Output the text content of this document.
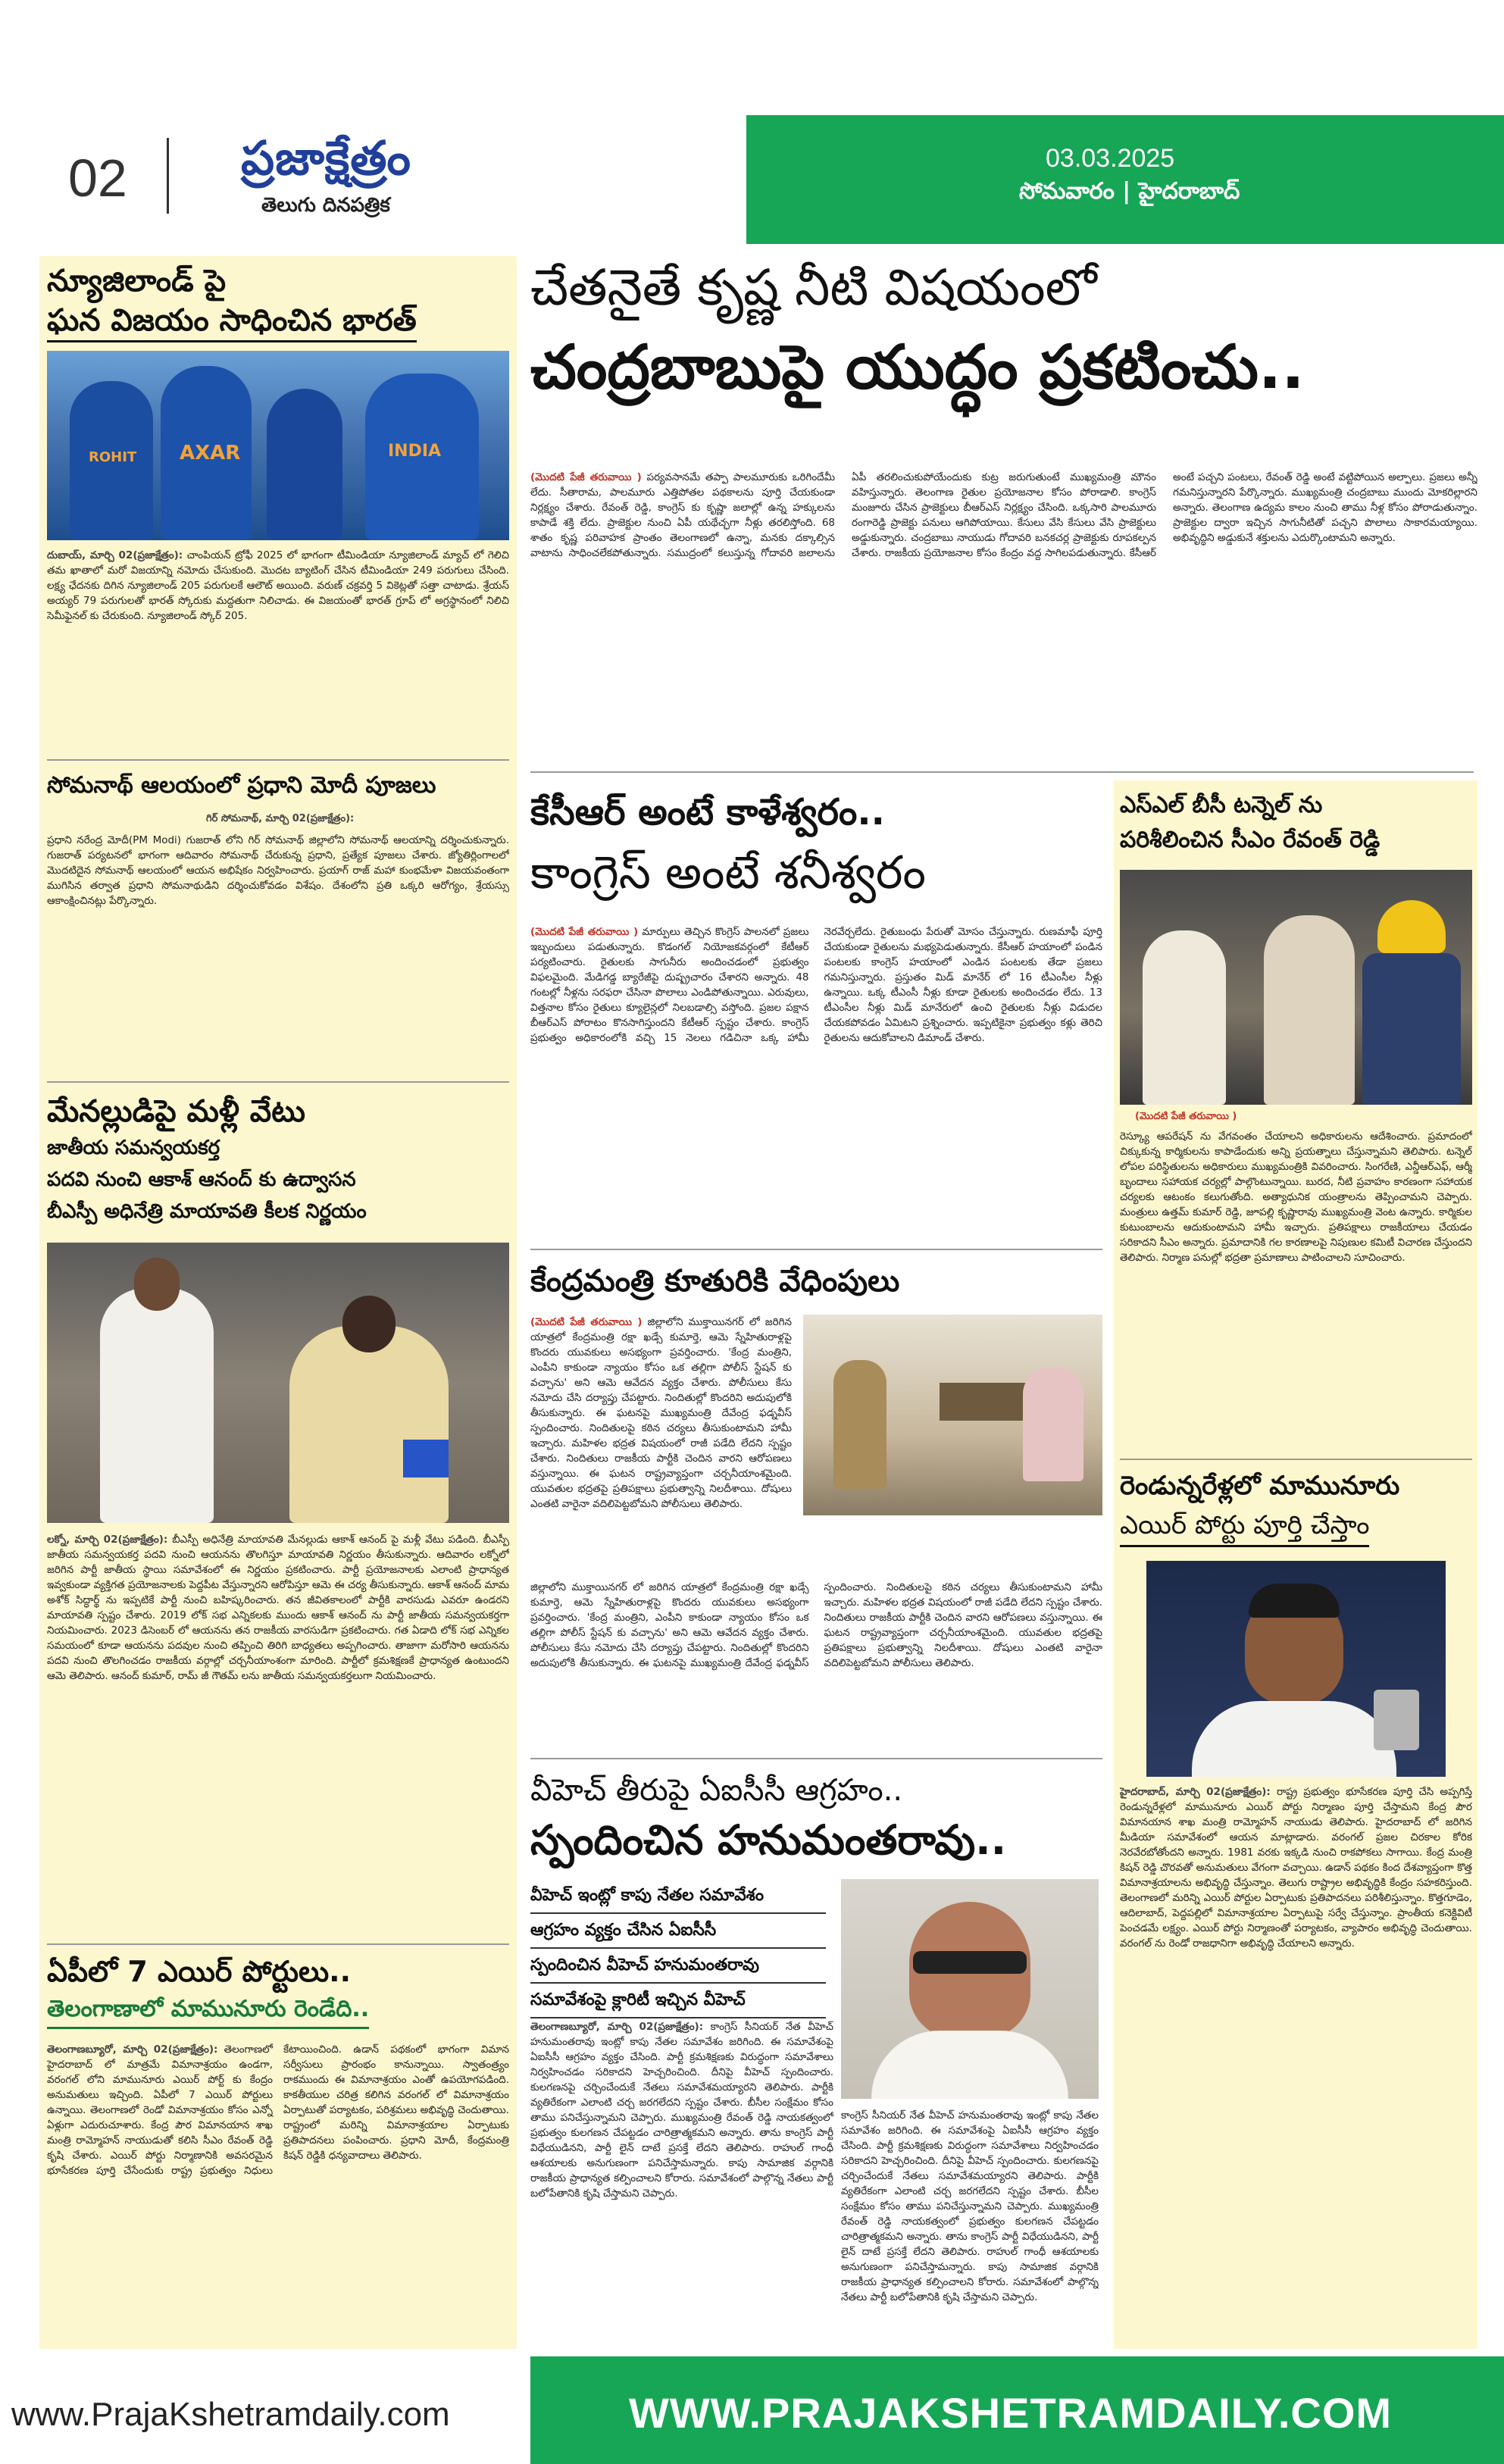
02 ప్రజాక్షేత్రం
తెలుగు దినపత్రిక
03.03.2025
సోమవారం | హైదరాబాద్
న్యూజిలాండ్ పై
ఘన విజయం సాధించిన భారత్
ROHIT AXAR	INDIA
దుబాయ్, మార్చి 02(ప్రజాక్షేత్రం): చాంపియన్ ట్రోఫీ 2025 లో భాగంగా టీమిండియా న్యూజిలాండ్ మ్యాచ్ లో గెలిచి తమ ఖాతాలో మరో విజయాన్ని నమోదు చేసుకుంది. మొదట బ్యాటింగ్ చేసిన టీమిండియా 249 పరుగులు చేసింది. లక్ష్య ఛేదనకు దిగిన న్యూజిలాండ్ 205 పరుగులకే ఆలౌట్ అయింది. వరుణ్ చక్రవర్తి 5 వికెట్లతో సత్తా చాటాడు. శ్రేయస్ అయ్యర్ 79 పరుగులతో భారత్ స్కోరుకు మద్దతుగా నిలిచాడు. ఈ విజయంతో భారత్ గ్రూప్ లో అగ్రస్థానంలో నిలిచి సెమీఫైనల్ కు చేరుకుంది. న్యూజిలాండ్ స్కోర్ 205.
సోమనాథ్ ఆలయంలో ప్రధాని మోదీ పూజలు
గిర్ సోమనాథ్, మార్చి 02(ప్రజాక్షేత్రం):
ప్రధాని నరేంద్ర మోదీ(PM Modi) గుజరాత్ లోని గిర్ సోమనాథ్ జిల్లాలోని సోమనాథ్ ఆలయాన్ని దర్శించుకున్నారు. గుజరాత్ పర్యటనలో భాగంగా ఆదివారం సోమనాథ్ చేరుకున్న ప్రధాని, ప్రత్యేక పూజలు చేశారు. జ్యోతిర్లింగాలలో మొదటిదైన సోమనాథ్ ఆలయంలో ఆయన అభిషేకం నిర్వహించారు. ప్రయాగ్ రాజ్ మహా కుంభమేళా విజయవంతంగా ముగిసిన తర్వాత ప్రధాని సోమనాథుడిని దర్శించుకోవడం విశేషం. దేశంలోని ప్రతి ఒక్కరి ఆరోగ్యం, శ్రేయస్సు ఆకాంక్షించినట్లు పేర్కొన్నారు.
మేనల్లుడిపై మళ్లీ వేటు
జాతీయ సమన్వయకర్త
పదవి నుంచి ఆకాశ్ ఆనంద్ కు ఉద్వాసన
బీఎస్పీ అధినేత్రి మాయావతి కీలక నిర్ణయం
లక్నో, మార్చి 02(ప్రజాక్షేత్రం): బీఎస్పీ అధినేత్రి మాయావతి మేనల్లుడు ఆకాశ్ ఆనంద్ పై మళ్లీ వేటు పడింది. బీఎస్పీ జాతీయ సమన్వయకర్త పదవి నుంచి ఆయనను తొలగిస్తూ మాయావతి నిర్ణయం తీసుకున్నారు. ఆదివారం లక్నోలో జరిగిన పార్టీ జాతీయ స్థాయి సమావేశంలో ఈ నిర్ణయం ప్రకటించారు. పార్టీ ప్రయోజనాలకు ఎలాంటి ప్రాధాన్యత ఇవ్వకుండా వ్యక్తిగత ప్రయోజనాలకు పెద్దపీట వేస్తున్నారని ఆరోపిస్తూ ఆమె ఈ చర్య తీసుకున్నారు. ఆకాశ్ ఆనంద్ మామ అశోక్ సిద్ధార్థ్ ను ఇప్పటికే పార్టీ నుంచి బహిష్కరించారు. తన జీవితకాలంలో పార్టీకి వారసుడు ఎవరూ ఉండరని మాయావతి స్పష్టం చేశారు. 2019 లోక్ సభ ఎన్నికలకు ముందు ఆకాశ్ ఆనంద్ ను పార్టీ జాతీయ సమన్వయకర్తగా నియమించారు. 2023 డిసెంబర్ లో ఆయనను తన రాజకీయ వారసుడిగా ప్రకటించారు. గత ఏడాది లోక్ సభ ఎన్నికల సమయంలో కూడా ఆయనను పదవుల నుంచి తప్పించి తిరిగి బాధ్యతలు అప్పగించారు. తాజాగా మరోసారి ఆయనను పదవి నుంచి తొలగించడం రాజకీయ వర్గాల్లో చర్చనీయాంశంగా మారింది. పార్టీలో క్రమశిక్షణకే ప్రాధాన్యత ఉంటుందని ఆమె తెలిపారు. ఆనంద్ కుమార్, రామ్ జీ గౌతమ్ లను జాతీయ సమన్వయకర్తలుగా నియమించారు.
ఏపీలో 7 ఎయిర్ పోర్టులు..
తెలంగాణాలో మామునూరు రెండేది..
తెలంగాణబ్యూరో, మార్చి 02(ప్రజాక్షేత్రం): తెలంగాణలో హైదరాబాద్ లో మాత్రమే విమానాశ్రయం ఉండగా, వరంగల్ లోని మామునూరు ఎయిర్ పోర్ట్ కు కేంద్రం అనుమతులు ఇచ్చింది. ఏపీలో 7 ఎయిర్ పోర్టులు ఉన్నాయి. తెలంగాణలో రెండో విమానాశ్రయం కోసం ఎన్నో ఏళ్లుగా ఎదురుచూశారు. కేంద్ర పౌర విమానయాన శాఖ మంత్రి రామ్మోహన్ నాయుడుతో కలిసి సీఎం రేవంత్ రెడ్డి కృషి చేశారు. ఎయిర్ పోర్టు నిర్మాణానికి అవసరమైన భూసేకరణ పూర్తి చేసేందుకు రాష్ట్ర ప్రభుత్వం నిధులు కేటాయించింది. ఉడాన్ పథకంలో భాగంగా విమాన సర్వీసులు ప్రారంభం కానున్నాయి. స్వాతంత్ర్యం రాకముందు ఈ విమానాశ్రయం ఎంతో ఉపయోగపడింది. కాకతీయుల చరిత్ర కలిగిన వరంగల్ లో విమానాశ్రయం ఏర్పాటుతో పర్యాటకం, పరిశ్రమలు అభివృద్ధి చెందుతాయి. రాష్ట్రంలో మరిన్ని విమానాశ్రయాల ఏర్పాటుకు ప్రతిపాదనలు పంపించారు. ప్రధాని మోదీ, కేంద్రమంత్రి కిషన్ రెడ్డికి ధన్యవాదాలు తెలిపారు.
చేతనైతే కృష్ణ నీటి విషయంలో
చంద్రబాబుపై యుద్ధం ప్రకటించు..
(మొదటి పేజీ తరువాయి ) పర్యవసానమే తప్పా పాలమూరుకు ఒరిగిందేమీ లేదు. సీతారామ, పాలమూరు ఎత్తిపోతల పథకాలను పూర్తి చేయకుండా నిర్లక్ష్యం చేశారు. రేవంత్ రెడ్డి, కాంగ్రెస్ కు కృష్ణా జలాల్లో ఉన్న హక్కులను కాపాడే శక్తి లేదు. ప్రాజెక్టుల నుంచి ఏపీ యథేచ్ఛగా నీళ్లు తరలిస్తోంది. 68 శాతం కృష్ణ పరివాహక ప్రాంతం తెలంగాణలో ఉన్నా, మనకు దక్కాల్సిన వాటాను సాధించలేకపోతున్నారు. సముద్రంలో కలుస్తున్న గోదావరి జలాలను ఏపీ తరలించుకుపోయేందుకు కుట్ర జరుగుతుంటే ముఖ్యమంత్రి మౌనం వహిస్తున్నారు. తెలంగాణ రైతుల ప్రయోజనాల కోసం పోరాడాలి. కాంగ్రెస్ మంజూరు చేసిన ప్రాజెక్టులు బీఆర్ఎస్ నిర్లక్ష్యం చేసింది. ఒక్కసారి పాలమూరు రంగారెడ్డి ప్రాజెక్టు పనులు ఆగిపోయాయి. కేసులు వేసి కేసులు వేసి ప్రాజెక్టులు అడ్డుకున్నారు. చంద్రబాబు నాయుడు గోదావరి బనకచర్ల ప్రాజెక్టుకు రూపకల్పన చేశారు. రాజకీయ ప్రయోజనాల కోసం కేంద్రం వద్ద సాగిలపడుతున్నారు. కేసీఆర్ అంటే పచ్చని పంటలు, రేవంత్ రెడ్డి అంటే వట్టిపోయిన అల్పాలు. ప్రజలు అన్నీ గమనిస్తున్నారని పేర్కొన్నారు. ముఖ్యమంత్రి చంద్రబాబు ముందు మోకరిల్లారని అన్నారు. తెలంగాణ ఉద్యమ కాలం నుంచి తాము నీళ్ల కోసం పోరాడుతున్నాం. ప్రాజెక్టుల ద్వారా ఇచ్చిన సాగునీటితో పచ్చని పొలాలు సాకారమయ్యాయి. అభివృద్ధిని అడ్డుకునే శక్తులను ఎదుర్కొంటామని అన్నారు.
కేసీఆర్ అంటే కాళేశ్వరం..
కాంగ్రెస్ అంటే శనీశ్వరం
(మొదటి పేజీ తరువాయి ) మార్పులు తెచ్చిన కొంగ్రెస్ పాలనలో ప్రజలు ఇబ్బందులు పడుతున్నారు. కొడంగల్ నియోజకవర్గంలో కేటీఆర్ పర్యటించారు. రైతులకు సాగునీరు అందించడంలో ప్రభుత్వం విఫలమైంది. మేడిగడ్డ బ్యారేజీపై దుష్ప్రచారం చేశారని అన్నారు. 48 గంటల్లో నీళ్లను సరఫరా చేసినా పొలాలు ఎండిపోతున్నాయి. ఎరువులు, విత్తనాల కోసం రైతులు క్యూలైన్లలో నిలబడాల్సి వస్తోంది. ప్రజల పక్షాన బీఆర్ఎస్ పోరాటం కొనసాగిస్తుందని కేటీఆర్ స్పష్టం చేశారు. కాంగ్రెస్ ప్రభుత్వం అధికారంలోకి వచ్చి 15 నెలలు గడిచినా ఒక్క హామీ నెరవేర్చలేదు. రైతుబంధు పేరుతో మోసం చేస్తున్నారు. రుణమాఫీ పూర్తి చేయకుండా రైతులను మభ్యపెడుతున్నారు. కేసీఆర్ హయాంలో పండిన పంటలకు కాంగ్రెస్ హయాంలో ఎండిన పంటలకు తేడా ప్రజలు గమనిస్తున్నారు. ప్రస్తుతం మిడ్ మానేర్ లో 16 టీఎంసీల నీళ్లు ఉన్నాయి. ఒక్క టీఎంసీ నీళ్లు కూడా రైతులకు అందించడం లేదు. 13 టీఎంసీల నీళ్లు మిడ్ మానేరులో ఉంచి రైతులకు నీళ్లు విడుదల చేయకపోవడం ఏమిటని ప్రశ్నించారు. ఇప్పటికైనా ప్రభుత్వం కళ్లు తెరిచి రైతులను ఆదుకోవాలని డిమాండ్ చేశారు.
కేంద్రమంత్రి కూతురికి వేధింపులు
(మొదటి పేజీ తరువాయి ) జిల్లాలోని ముక్తాయినగర్ లో జరిగిన యాత్రలో కేంద్రమంత్రి రక్షా ఖడ్సే కుమార్తె, ఆమె స్నేహితురాళ్లపై కొందరు యువకులు అసభ్యంగా ప్రవర్తించారు. 'కేంద్ర మంత్రిని, ఎంపీని కాకుండా న్యాయం కోసం ఒక తల్లిగా పోలీస్ స్టేషన్ కు వచ్చాను' అని ఆమె ఆవేదన వ్యక్తం చేశారు. పోలీసులు కేసు నమోదు చేసి దర్యాప్తు చేపట్టారు. నిందితుల్లో కొందరిని అదుపులోకి తీసుకున్నారు. ఈ ఘటనపై ముఖ్యమంత్రి దేవేంద్ర ఫడ్నవీస్ స్పందించారు. నిందితులపై కఠిన చర్యలు తీసుకుంటామని హామీ ఇచ్చారు. మహిళల భద్రత విషయంలో రాజీ పడేది లేదని స్పష్టం చేశారు. నిందితులు రాజకీయ పార్టీకి చెందిన వారని ఆరోపణలు వస్తున్నాయి. ఈ ఘటన రాష్ట్రవ్యాప్తంగా చర్చనీయాంశమైంది. యువతుల భద్రతపై ప్రతిపక్షాలు ప్రభుత్వాన్ని నిలదీశాయి. దోషులు ఎంతటి వారైనా వదిలిపెట్టబోమని పోలీసులు తెలిపారు.
జిల్లాలోని ముక్తాయినగర్ లో జరిగిన యాత్రలో కేంద్రమంత్రి రక్షా ఖడ్సే కుమార్తె, ఆమె స్నేహితురాళ్లపై కొందరు యువకులు అసభ్యంగా ప్రవర్తించారు. 'కేంద్ర మంత్రిని, ఎంపీని కాకుండా న్యాయం కోసం ఒక తల్లిగా పోలీస్ స్టేషన్ కు వచ్చాను' అని ఆమె ఆవేదన వ్యక్తం చేశారు. పోలీసులు కేసు నమోదు చేసి దర్యాప్తు చేపట్టారు. నిందితుల్లో కొందరిని అదుపులోకి తీసుకున్నారు. ఈ ఘటనపై ముఖ్యమంత్రి దేవేంద్ర ఫడ్నవీస్ స్పందించారు. నిందితులపై కఠిన చర్యలు తీసుకుంటామని హామీ ఇచ్చారు. మహిళల భద్రత విషయంలో రాజీ పడేది లేదని స్పష్టం చేశారు. నిందితులు రాజకీయ పార్టీకి చెందిన వారని ఆరోపణలు వస్తున్నాయి. ఈ ఘటన రాష్ట్రవ్యాప్తంగా చర్చనీయాంశమైంది. యువతుల భద్రతపై ప్రతిపక్షాలు ప్రభుత్వాన్ని నిలదీశాయి. దోషులు ఎంతటి వారైనా వదిలిపెట్టబోమని పోలీసులు తెలిపారు.
వీహెచ్ తీరుపై ఏఐసీసీ ఆగ్రహం..
స్పందించిన హనుమంతరావు..
వీహెచ్ ఇంట్లో కాపు నేతల సమావేశం
ఆగ్రహం వ్యక్తం చేసిన ఏఐసీసీ
స్పందించిన వీహెచ్ హనుమంతరావు
సమావేశంపై క్లారిటీ ఇచ్చిన వీహెచ్
తెలంగాణబ్యూరో, మార్చి 02(ప్రజాక్షేత్రం): కాంగ్రెస్ సీనియర్ నేత వీహెచ్ హనుమంతరావు ఇంట్లో కాపు నేతల సమావేశం జరిగింది. ఈ సమావేశంపై ఏఐసీసీ ఆగ్రహం వ్యక్తం చేసింది. పార్టీ క్రమశిక్షణకు విరుద్ధంగా సమావేశాలు నిర్వహించడం సరికాదని హెచ్చరించింది. దీనిపై వీహెచ్ స్పందించారు. కులగణనపై చర్చించేందుకే నేతలు సమావేశమయ్యారని తెలిపారు. పార్టీకి వ్యతిరేకంగా ఎలాంటి చర్చ జరగలేదని స్పష్టం చేశారు. బీసీల సంక్షేమం కోసం తాము పనిచేస్తున్నామని చెప్పారు. ముఖ్యమంత్రి రేవంత్ రెడ్డి నాయకత్వంలో ప్రభుత్వం కులగణన చేపట్టడం చారిత్రాత్మకమని అన్నారు. తాను కాంగ్రెస్ పార్టీ విధేయుడినని, పార్టీ లైన్ దాటే ప్రసక్తే లేదని తెలిపారు. రాహుల్ గాంధీ ఆశయాలకు అనుగుణంగా పనిచేస్తామన్నారు. కాపు సామాజిక వర్గానికి రాజకీయ ప్రాధాన్యత కల్పించాలని కోరారు. సమావేశంలో పాల్గొన్న నేతలు పార్టీ బలోపేతానికి కృషి చేస్తామని చెప్పారు.
కాంగ్రెస్ సీనియర్ నేత వీహెచ్ హనుమంతరావు ఇంట్లో కాపు నేతల సమావేశం జరిగింది. ఈ సమావేశంపై ఏఐసీసీ ఆగ్రహం వ్యక్తం చేసింది. పార్టీ క్రమశిక్షణకు విరుద్ధంగా సమావేశాలు నిర్వహించడం సరికాదని హెచ్చరించింది. దీనిపై వీహెచ్ స్పందించారు. కులగణనపై చర్చించేందుకే నేతలు సమావేశమయ్యారని తెలిపారు. పార్టీకి వ్యతిరేకంగా ఎలాంటి చర్చ జరగలేదని స్పష్టం చేశారు. బీసీల సంక్షేమం కోసం తాము పనిచేస్తున్నామని చెప్పారు. ముఖ్యమంత్రి రేవంత్ రెడ్డి నాయకత్వంలో ప్రభుత్వం కులగణన చేపట్టడం చారిత్రాత్మకమని అన్నారు. తాను కాంగ్రెస్ పార్టీ విధేయుడినని, పార్టీ లైన్ దాటే ప్రసక్తే లేదని తెలిపారు. రాహుల్ గాంధీ ఆశయాలకు అనుగుణంగా పనిచేస్తామన్నారు. కాపు సామాజిక వర్గానికి రాజకీయ ప్రాధాన్యత కల్పించాలని కోరారు. సమావేశంలో పాల్గొన్న నేతలు పార్టీ బలోపేతానికి కృషి చేస్తామని చెప్పారు.
ఎస్ఎల్ బీసీ టన్నెల్ ను
పరిశీలించిన సీఎం రేవంత్ రెడ్డి
(మొదటి పేజీ తరువాయి )
రెస్క్యూ ఆపరేషన్ ను వేగవంతం చేయాలని అధికారులను ఆదేశించారు. ప్రమాదంలో చిక్కుకున్న కార్మికులను కాపాడేందుకు అన్ని ప్రయత్నాలు చేస్తున్నామని తెలిపారు. టన్నెల్ లోపల పరిస్థితులను అధికారులు ముఖ్యమంత్రికి వివరించారు. సింగరేణి, ఎన్డీఆర్ఎఫ్, ఆర్మీ బృందాలు సహాయక చర్యల్లో పాల్గొంటున్నాయి. బురద, నీటి ప్రవాహం కారణంగా సహాయక చర్యలకు ఆటంకం కలుగుతోంది. అత్యాధునిక యంత్రాలను తెప్పించామని చెప్పారు. మంత్రులు ఉత్తమ్ కుమార్ రెడ్డి, జూపల్లి కృష్ణారావు ముఖ్యమంత్రి వెంట ఉన్నారు. కార్మికుల కుటుంబాలను ఆదుకుంటామని హామీ ఇచ్చారు. ప్రతిపక్షాలు రాజకీయాలు చేయడం సరికాదని సీఎం అన్నారు. ప్రమాదానికి గల కారణాలపై నిపుణుల కమిటీ విచారణ చేస్తుందని తెలిపారు. నిర్మాణ పనుల్లో భద్రతా ప్రమాణాలు పాటించాలని సూచించారు.
రెండున్నరేళ్లలో మామునూరు
ఎయిర్ పోర్టు పూర్తి చేస్తాం
హైదరాబాద్, మార్చి 02(ప్రజాక్షేత్రం): రాష్ట్ర ప్రభుత్వం భూసేకరణ పూర్తి చేసి అప్పగిస్తే రెండున్నరేళ్లలో మామునూరు ఎయిర్ పోర్టు నిర్మాణం పూర్తి చేస్తామని కేంద్ర పౌర విమానయాన శాఖ మంత్రి రామ్మోహన్ నాయుడు తెలిపారు. హైదరాబాద్ లో జరిగిన మీడియా సమావేశంలో ఆయన మాట్లాడారు. వరంగల్ ప్రజల చిరకాల కోరిక నెరవేరబోతోందని అన్నారు. 1981 వరకు ఇక్కడి నుంచి రాకపోకలు సాగాయి. కేంద్ర మంత్రి కిషన్ రెడ్డి చొరవతో అనుమతులు వేగంగా వచ్చాయి. ఉడాన్ పథకం కింద దేశవ్యాప్తంగా కొత్త విమానాశ్రయాలను అభివృద్ధి చేస్తున్నాం. తెలుగు రాష్ట్రాల అభివృద్ధికి కేంద్రం సహకరిస్తుంది. తెలంగాణలో మరిన్ని ఎయిర్ పోర్టుల ఏర్పాటుకు ప్రతిపాదనలు పరిశీలిస్తున్నాం. కొత్తగూడెం, ఆదిలాబాద్, పెద్దపల్లిలో విమానాశ్రయాల ఏర్పాటుపై సర్వే చేస్తున్నాం. ప్రాంతీయ కనెక్టివిటీ పెంచడమే లక్ష్యం. ఎయిర్ పోర్టు నిర్మాణంతో పర్యాటకం, వ్యాపారం అభివృద్ధి చెందుతాయి. వరంగల్ ను రెండో రాజధానిగా అభివృద్ధి చేయాలని అన్నారు.
www.PrajaKshetramdaily.com	WWW.PRAJAKSHETRAMDAILY.COM
